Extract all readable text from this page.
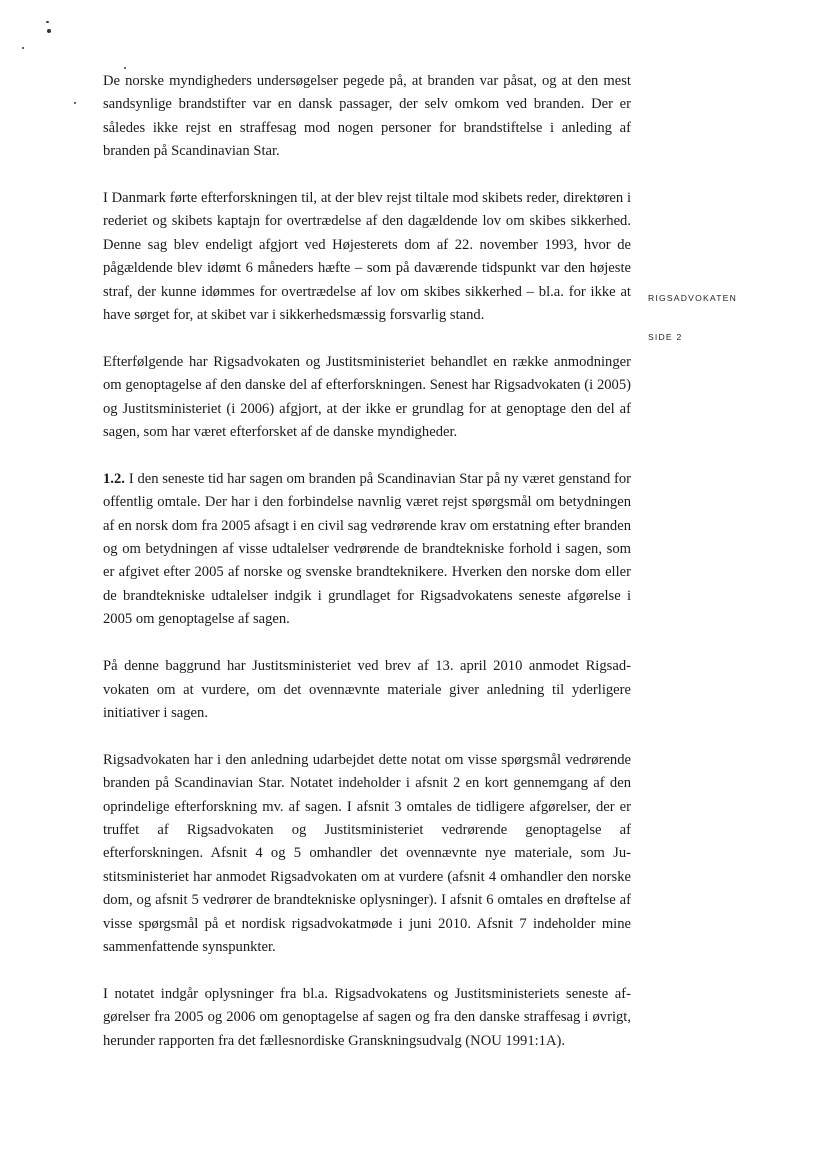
De norske myndigheders undersøgelser pegede på, at branden var påsat, og at den mest sandsynlige brandstifter var en dansk passager, der selv omkom ved branden. Der er således ikke rejst en straffesag mod nogen personer for brandstiftelse i anleding af branden på Scandinavian Star.

I Danmark førte efterforskningen til, at der blev rejst tiltale mod skibets reder, direktøren i rederiet og skibets kaptajn for overtrædelse af den dagældende lov om skibes sikkerhed. Denne sag blev endeligt afgjort ved Højesterets dom af 22. november 1993, hvor de pågældende blev idømt 6 måneders hæfte – som på daværende tidspunkt var den højeste straf, der kunne idømmes for overtrædelse af lov om skibes sikkerhed – bl.a. for ikke at have sørget for, at skibet var i sikkerhedsmæssig forsvarlig stand.

Efterfølgende har Rigsadvokaten og Justitsministeriet behandlet en række anmodninger om genoptagelse af den danske del af efterforskningen. Senest har Rigsadvokaten (i 2005) og Justitsministeriet (i 2006) afgjort, at der ikke er grundlag for at genoptage den del af sagen, som har været efterforsket af de danske myndigheder.

1.2. I den seneste tid har sagen om branden på Scandinavian Star på ny været genstand for offentlig omtale. Der har i den forbindelse navnlig været rejst spørgsmål om betydningen af en norsk dom fra 2005 afsagt i en civil sag vedrørende krav om erstatning efter branden og om betydningen af visse udtalelser vedrørende de brandtekniske forhold i sagen, som er afgivet efter 2005 af norske og svenske brandteknikere. Hverken den norske dom eller de brandtekniske udtalelser indgik i grundlaget for Rigsadvokatens seneste afgørelse i 2005 om genoptagelse af sagen.

På denne baggrund har Justitsministeriet ved brev af 13. april 2010 anmodet Rigsadvokaten om at vurdere, om det ovennævnte materiale giver anledning til yderligere initiativer i sagen.

Rigsadvokaten har i den anledning udarbejdet dette notat om visse spørgsmål vedrørende branden på Scandinavian Star. Notatet indeholder i afsnit 2 en kort gennemgang af den oprindelige efterforskning mv. af sagen. I afsnit 3 omtales de tidligere afgørelser, der er truffet af Rigsadvokaten og Justitsministeriet vedrørende genoptagelse af efterforskningen. Afsnit 4 og 5 omhandler det ovennævnte nye materiale, som Justitsministeriet har anmodet Rigsadvokaten om at vurdere (afsnit 4 omhandler den norske dom, og afsnit 5 vedrører de brandtekniske oplysninger). I afsnit 6 omtales en drøftelse af visse spørgsmål på et nordisk rigsadvokatmøde i juni 2010. Afsnit 7 indeholder mine sammenfattende synspunkter.

I notatet indgår oplysninger fra bl.a. Rigsadvokatens og Justitsministeriets seneste afgørelser fra 2005 og 2006 om genoptagelse af sagen og fra den danske straffesag i øvrigt, herunder rapporten fra det fællesnordiske Granskningsudvalg (NOU 1991:1A).

RIGSADVOKATEN
SIDE 2
